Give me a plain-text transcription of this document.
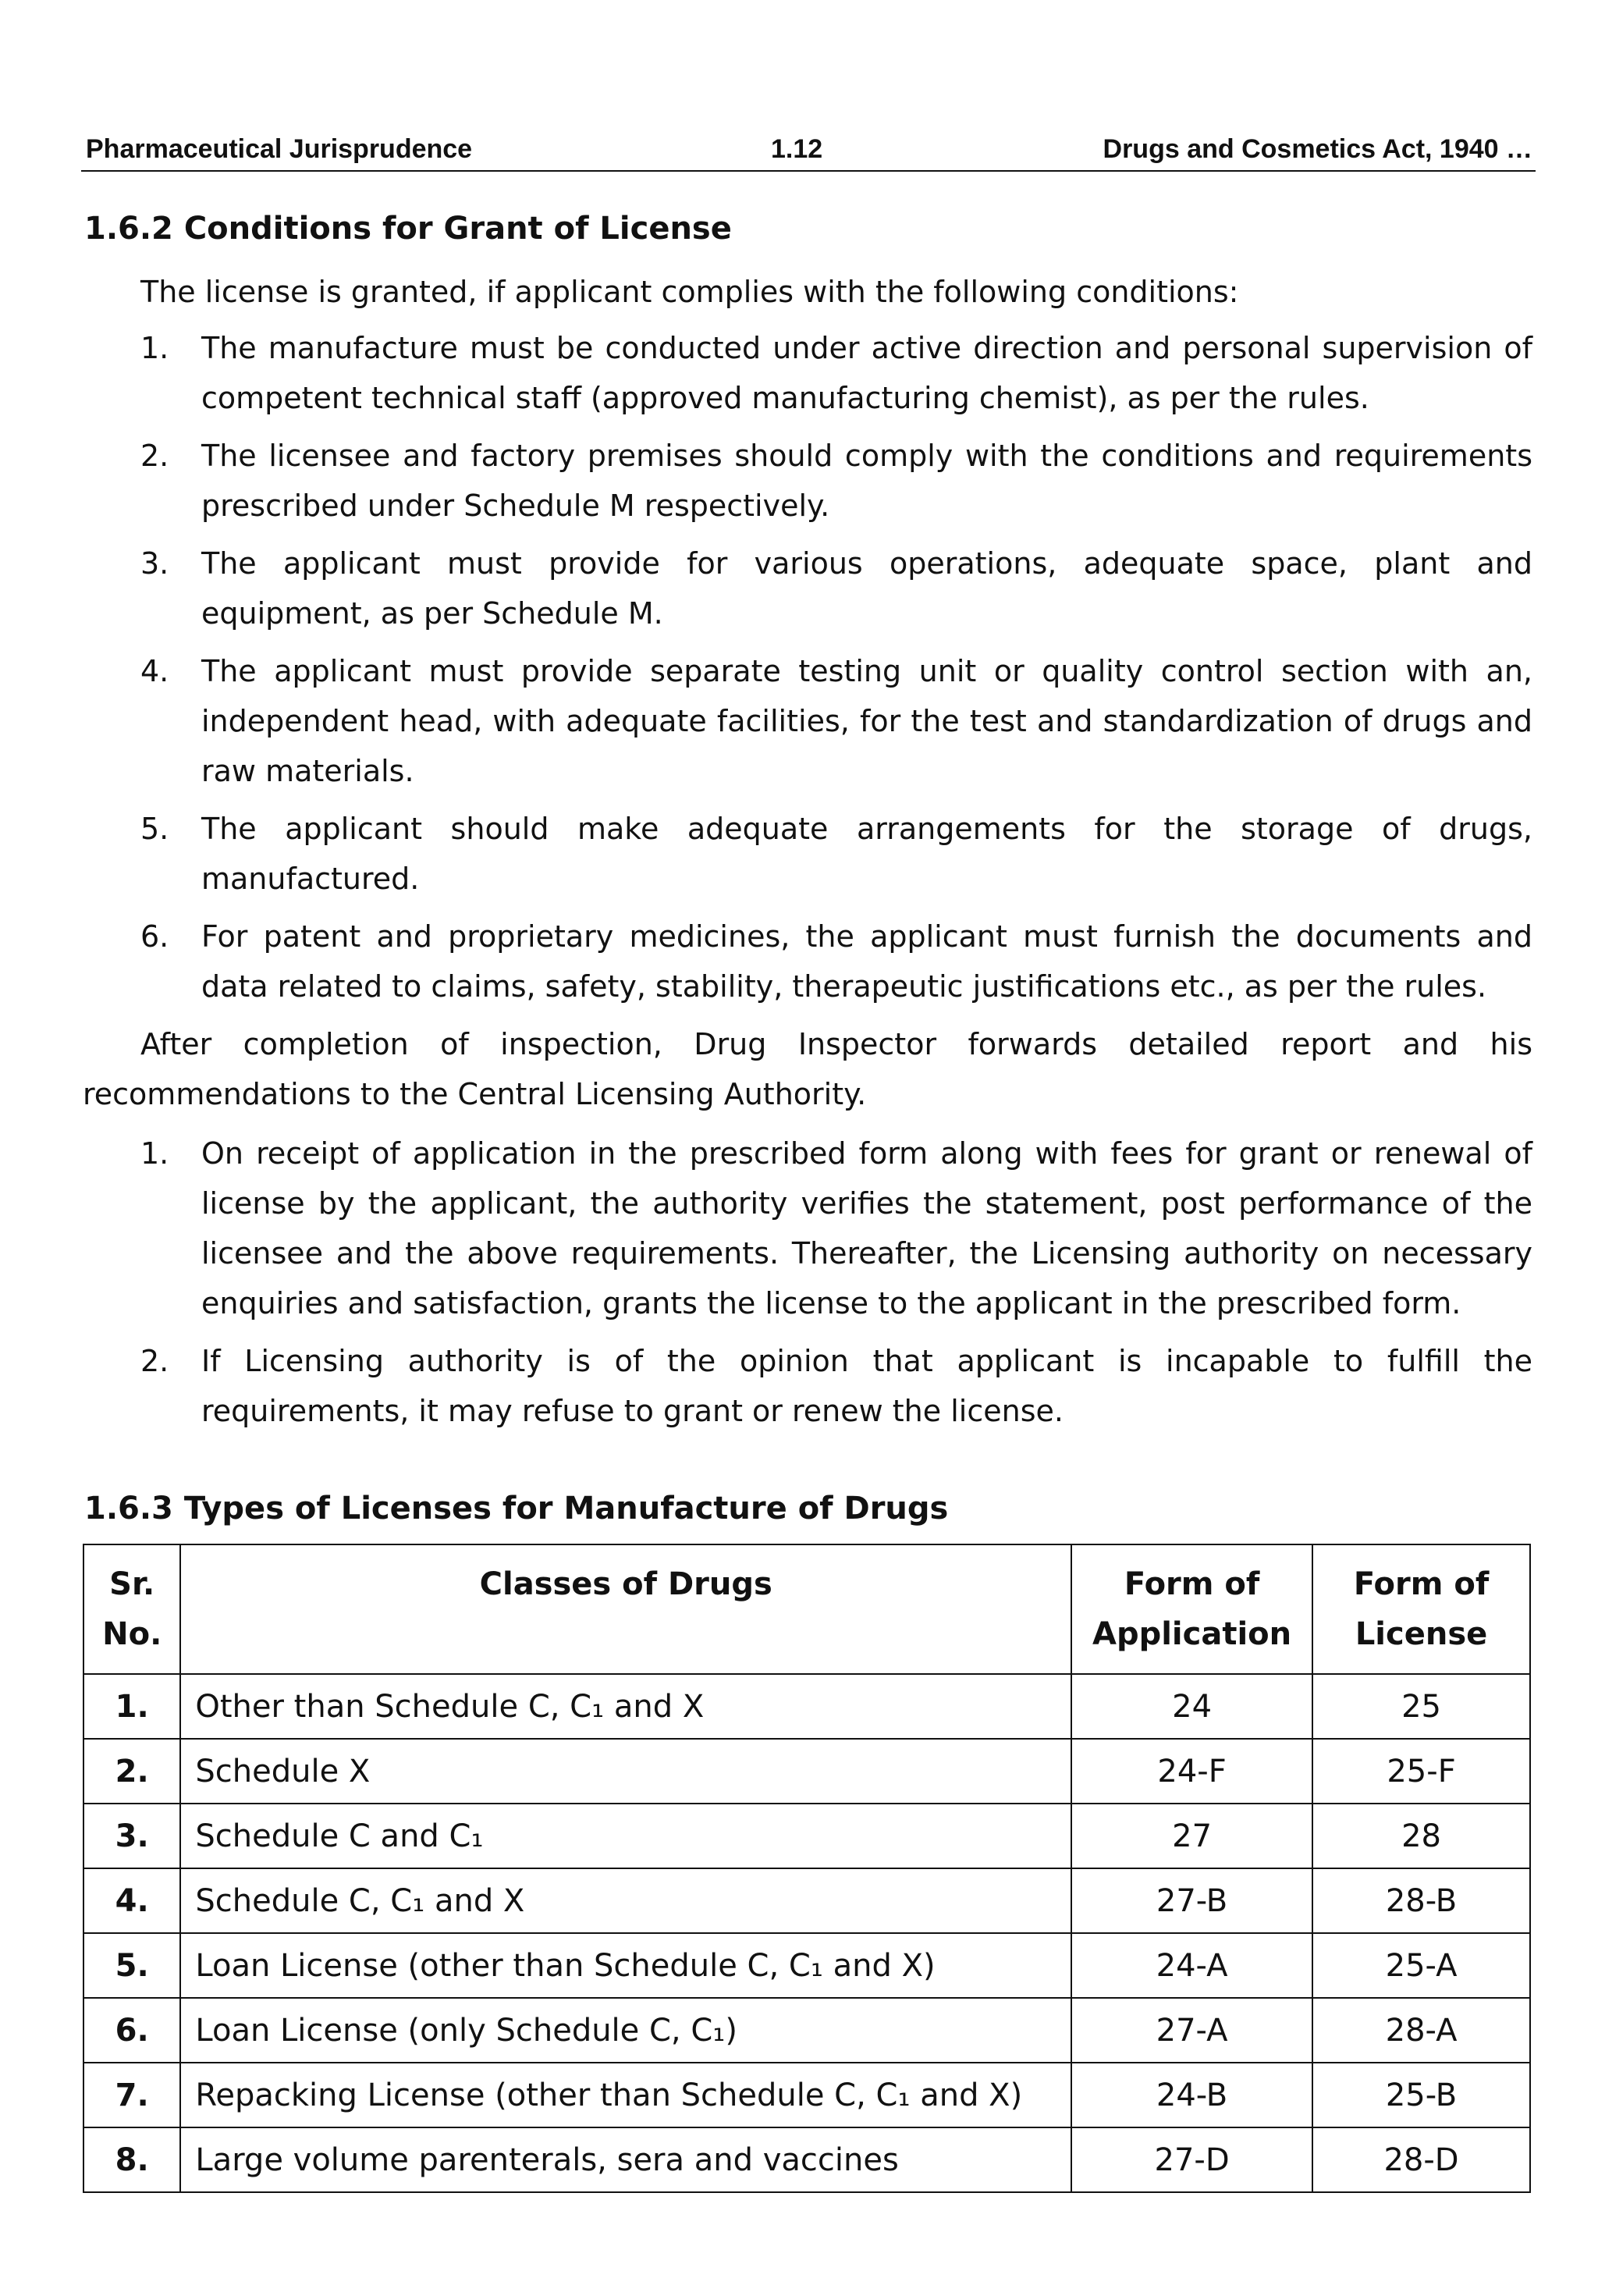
Pharmaceutical Jurisprudence	1.12	Drugs and Cosmetics Act, 1940 …
1.6.2 Conditions for Grant of License
The license is granted, if applicant complies with the following conditions:
1. The manufacture must be conducted under active direction and personal supervision of competent technical staff (approved manufacturing chemist), as per the rules.
2. The licensee and factory premises should comply with the conditions and requirements prescribed under Schedule M respectively.
3. The applicant must provide for various operations, adequate space, plant and equipment, as per Schedule M.
4. The applicant must provide separate testing unit or quality control section with an, independent head, with adequate facilities, for the test and standardization of drugs and raw materials.
5. The applicant should make adequate arrangements for the storage of drugs, manufactured.
6. For patent and proprietary medicines, the applicant must furnish the documents and data related to claims, safety, stability, therapeutic justifications etc., as per the rules.
After completion of inspection, Drug Inspector forwards detailed report and his recommendations to the Central Licensing Authority.
1. On receipt of application in the prescribed form along with fees for grant or renewal of license by the applicant, the authority verifies the statement, post performance of the licensee and the above requirements. Thereafter, the Licensing authority on necessary enquiries and satisfaction, grants the license to the applicant in the prescribed form.
2. If Licensing authority is of the opinion that applicant is incapable to fulfill the requirements, it may refuse to grant or renew the license.
1.6.3 Types of Licenses for Manufacture of Drugs
Sr. No.	Classes of Drugs	Form of Application	Form of License
1.	Other than Schedule C, C₁ and X	24	25
2.	Schedule X	24-F	25-F
3.	Schedule C and C₁	27	28
4.	Schedule C, C₁ and X	27-B	28-B
5.	Loan License (other than Schedule C, C₁ and X)	24-A	25-A
6.	Loan License (only Schedule C, C₁)	27-A	28-A
7.	Repacking License (other than Schedule C, C₁ and X)	24-B	25-B
8.	Large volume parenterals, sera and vaccines	27-D	28-D
